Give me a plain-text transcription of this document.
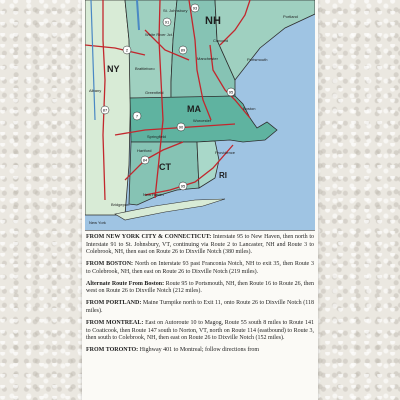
NH
NY
MA
CT
RI
Portland
St. Johnsbury
White River Jct.
Concord
Manchester	Portsmouth
Brattleboro
Albany	Greenfield
Worcester
Boston
Springfield
Hartford	Providence
New Haven
Bridgeport
New York
91
93
89
95
87
90
84
2
7
95

FROM NEW YORK CITY & CONNECTICUT: Interstate 95 to New Haven, then north to Interstate 91 to St. Johnsbury, VT, continuing via Route 2 to Lancaster, NH and Route 3 to Colebrook, NH, then east on Route 26 to Dixville Notch (380 miles).

FROM BOSTON: North on Interstate 93 past Franconia Notch, NH to exit 35, then Route 3 to Colebrook, NH, then east on Route 26 to Dixville Notch (219 miles).

Alternate Route From Boston: Route 95 to Portsmouth, NH, then Route 16 to Route 26, then west on Route 26 to Dixville Notch (212 miles).

FROM PORTLAND: Maine Turnpike north to Exit 11, onto Route 26 to Dixville Notch (118 miles).

FROM MONTREAL: East on Autoroute 10 to Magog, Route 55 south 8 miles to Route 141 to Coaticook, then Route 147 south to Norton, VT, north on Route 114 (eastbound) to Route 3, then south to Colebrook, NH, then east on Route 26 to Dixville Notch (152 miles).

FROM TORONTO: Highway 401 to Montreal; follow directions from
